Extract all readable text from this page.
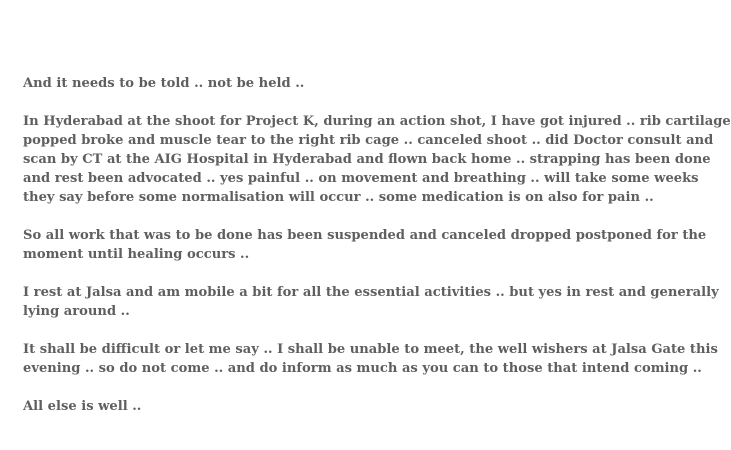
And it needs to be told .. not be held ..

In Hyderabad at the shoot for Project K, during an action shot, I have got injured .. rib cartilage
popped broke and muscle tear to the right rib cage .. canceled shoot .. did Doctor consult and
scan by CT at the AIG Hospital in Hyderabad and flown back home .. strapping has been done
and rest been advocated .. yes painful .. on movement and breathing .. will take some weeks
they say before some normalisation will occur .. some medication is on also for pain ..

So all work that was to be done has been suspended and canceled dropped postponed for the
moment until healing occurs ..

I rest at Jalsa and am mobile a bit for all the essential activities .. but yes in rest and generally
lying around ..

It shall be difficult or let me say .. I shall be unable to meet, the well wishers at Jalsa Gate this
evening .. so do not come .. and do inform as much as you can to those that intend coming ..

All else is well ..
